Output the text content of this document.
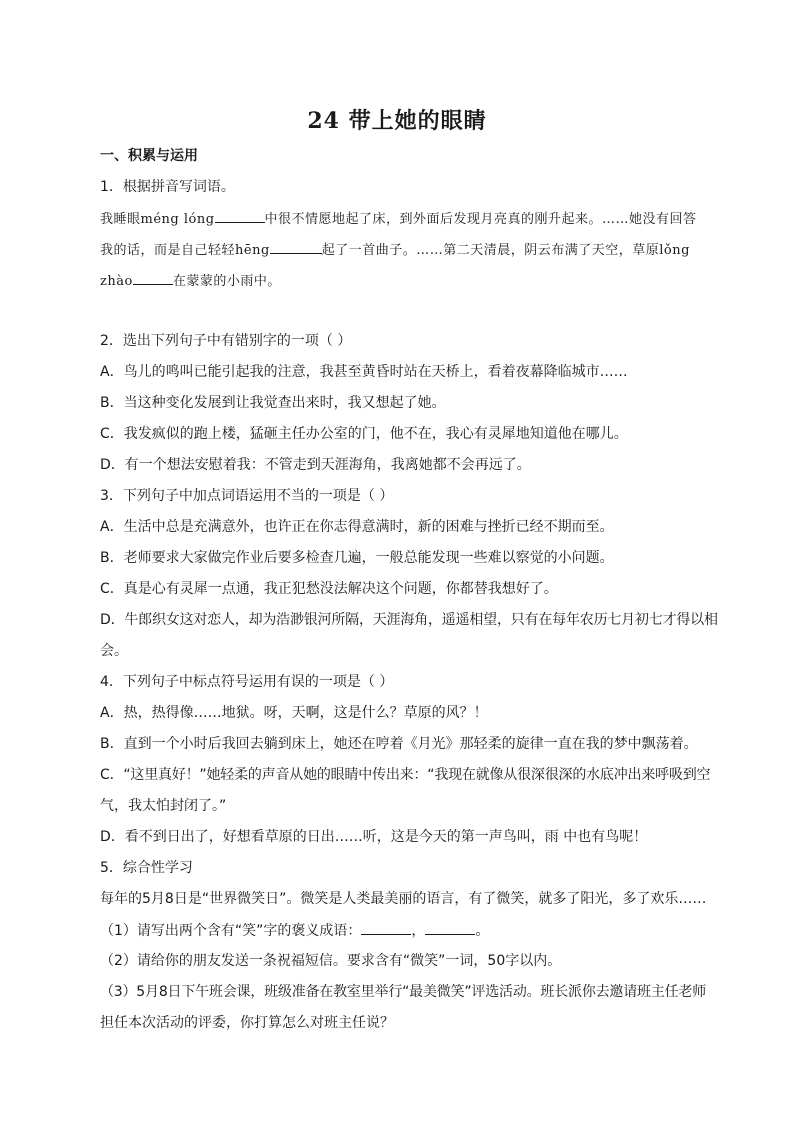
24 带上她的眼睛
一、积累与运用
1．根据拼音写词语。
我睡眼méng lóng	中很不情愿地起了床，到外面后发现月亮真的刚升起来。……她没有回答
我的话，而是自己轻轻hēng	起了一首曲子。……第二天清晨，阴云布满了天空，草原lǒng
zhào	在蒙蒙的小雨中。
2．选出下列句子中有错别字的一项（ ）
A．鸟儿的鸣叫已能引起我的注意，我甚至黄昏时站在天桥上，看着夜幕降临城市……
B．当这种变化发展到让我觉查出来时，我又想起了她。
C．我发疯似的跑上楼，猛砸主任办公室的门，他不在，我心有灵犀地知道他在哪儿。
D．有一个想法安慰着我：不管走到天涯海角，我离她都不会再远了。
3．下列句子中加点词语运用不当的一项是（ ）
A．生活中总是充满意外，也许正在你志得意满时，新的困难与挫折已经不期而至。
B．老师要求大家做完作业后要多检查几遍，一般总能发现一些难以察觉的小问题。
C．真是心有灵犀一点通，我正犯愁没法解决这个问题，你都替我想好了。
D．牛郎织女这对恋人，却为浩渺银河所隔，天涯海角，遥遥相望，只有在每年农历七月初七才得以相
会。
4．下列句子中标点符号运用有误的一项是（ ）
A．热，热得像……地狱。呀，天啊，这是什么？草原的风？！
B．直到一个小时后我回去躺到床上，她还在哼着《月光》那轻柔的旋律一直在我的梦中飘荡着。
C．“这里真好！”她轻柔的声音从她的眼睛中传出来：“我现在就像从很深很深的水底冲出来呼吸到空
气，我太怕封闭了。”
D．看不到日出了，好想看草原的日出……听，这是今天的第一声鸟叫，雨 中也有鸟呢！
5．综合性学习
每年的5月8日是“世界微笑日”。微笑是人类最美丽的语言，有了微笑，就多了阳光，多了欢乐……
（1）请写出两个含有“笑”字的褒义成语：	，	。
（2）请给你的朋友发送一条祝福短信。要求含有“微笑”一词，50字以内。
（3）5月8日下午班会课，班级准备在教室里举行“最美微笑”评选活动。班长派你去邀请班主任老师
担任本次活动的评委，你打算怎么对班主任说？
